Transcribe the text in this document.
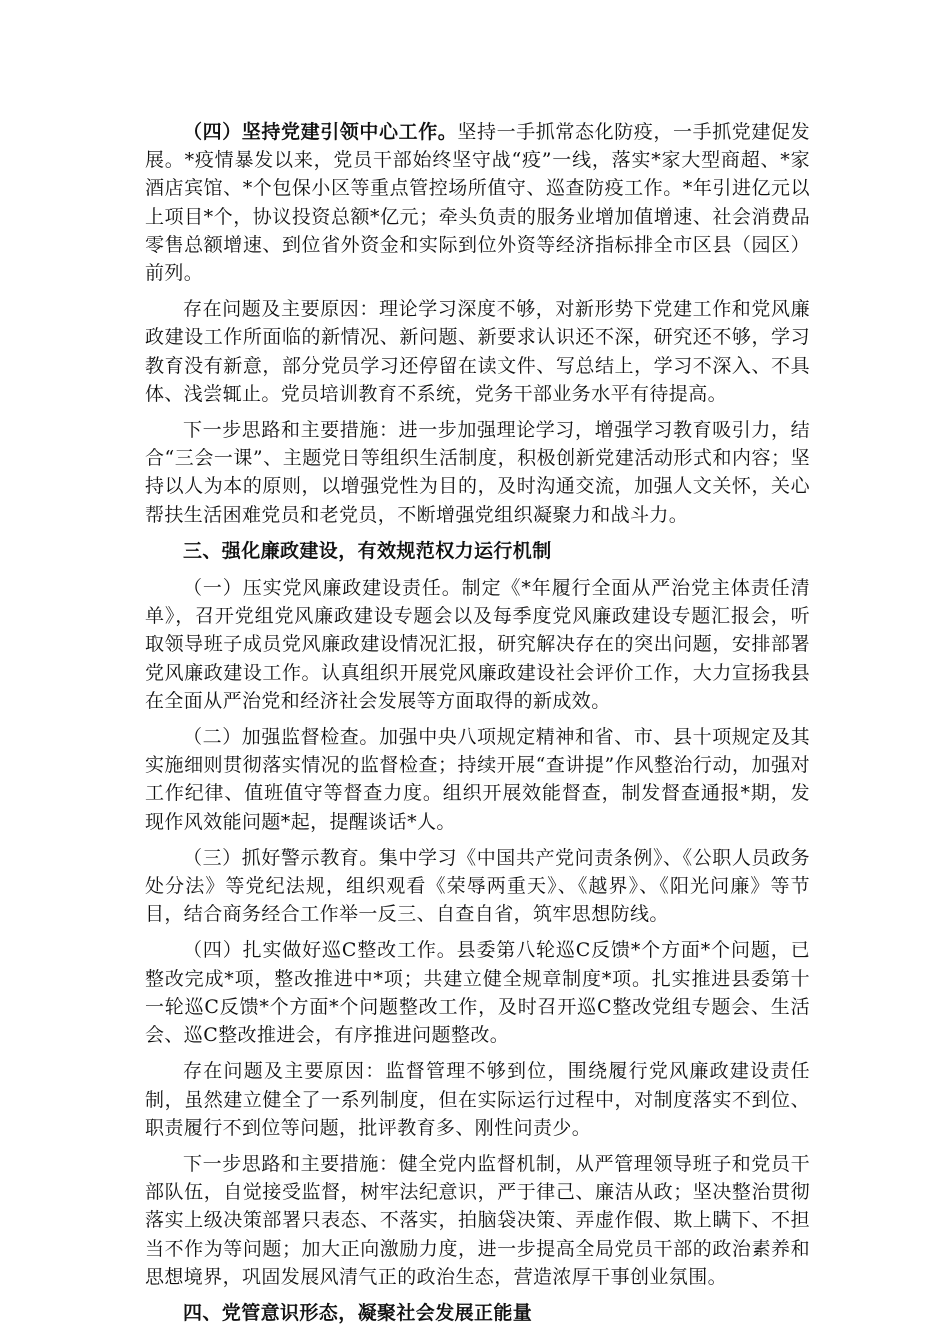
（四）坚持党建引领中心工作。坚持一手抓常态化防疫，一手抓党建促发展。*疫情暴发以来，党员干部始终坚守战“疫”一线，落实*家大型商超、*家酒店宾馆、*个包保小区等重点管控场所值守、巡查防疫工作。*年引进亿元以上项目*个，协议投资总额*亿元；牵头负责的服务业增加值增速、社会消费品零售总额增速、到位省外资金和实际到位外资等经济指标排全市区县（园区）前列。

存在问题及主要原因：理论学习深度不够，对新形势下党建工作和党风廉政建设工作所面临的新情况、新问题、新要求认识还不深，研究还不够，学习教育没有新意，部分党员学习还停留在读文件、写总结上，学习不深入、不具体、浅尝辄止。党员培训教育不系统，党务干部业务水平有待提高。

下一步思路和主要措施：进一步加强理论学习，增强学习教育吸引力，结合“三会一课”、主题党日等组织生活制度，积极创新党建活动形式和内容；坚持以人为本的原则，以增强党性为目的，及时沟通交流，加强人文关怀，关心帮扶生活困难党员和老党员，不断增强党组织凝聚力和战斗力。

三、强化廉政建设，有效规范权力运行机制

（一）压实党风廉政建设责任。制定《*年履行全面从严治党主体责任清单》，召开党组党风廉政建设专题会以及每季度党风廉政建设专题汇报会，听取领导班子成员党风廉政建设情况汇报，研究解决存在的突出问题，安排部署党风廉政建设工作。认真组织开展党风廉政建设社会评价工作，大力宣扬我县在全面从严治党和经济社会发展等方面取得的新成效。

（二）加强监督检查。加强中央八项规定精神和省、市、县十项规定及其实施细则贯彻落实情况的监督检查；持续开展“查讲提”作风整治行动，加强对工作纪律、值班值守等督查力度。组织开展效能督查，制发督查通报*期，发现作风效能问题*起，提醒谈话*人。

（三）抓好警示教育。集中学习《中国共产党问责条例》、《公职人员政务处分法》等党纪法规，组织观看《荣辱两重天》、《越界》、《阳光问廉》等节目，结合商务经合工作举一反三、自查自省，筑牢思想防线。

（四）扎实做好巡C整改工作。县委第八轮巡C反馈*个方面*个问题，已整改完成*项，整改推进中*项；共建立健全规章制度*项。扎实推进县委第十一轮巡C反馈*个方面*个问题整改工作，及时召开巡C整改党组专题会、生活会、巡C整改推进会，有序推进问题整改。

存在问题及主要原因：监督管理不够到位，围绕履行党风廉政建设责任制，虽然建立健全了一系列制度，但在实际运行过程中，对制度落实不到位、职责履行不到位等问题，批评教育多、刚性问责少。

下一步思路和主要措施：健全党内监督机制，从严管理领导班子和党员干部队伍，自觉接受监督，树牢法纪意识，严于律己、廉洁从政；坚决整治贯彻落实上级决策部署只表态、不落实，拍脑袋决策、弄虚作假、欺上瞒下、不担当不作为等问题；加大正向激励力度，进一步提高全局党员干部的政治素养和思想境界，巩固发展风清气正的政治生态，营造浓厚干事创业氛围。

四、党管意识形态，凝聚社会发展正能量
